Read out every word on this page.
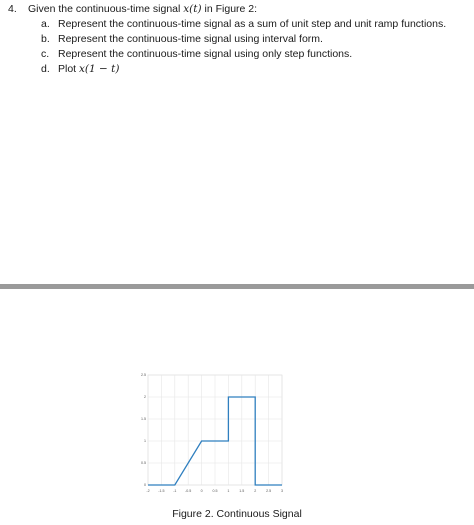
4. Given the continuous-time signal x(t) in Figure 2:
a. Represent the continuous-time signal as a sum of unit step and unit ramp functions.
b. Represent the continuous-time signal using interval form.
c. Represent the continuous-time signal using only step functions.
d. Plot x(1 − t)
-2 -1.5 -1 -0.5	0	0.5	1	1.5	2	2.5	3
0
0.5
1
1.5
2
2.5
Figure 2. Continuous Signal
